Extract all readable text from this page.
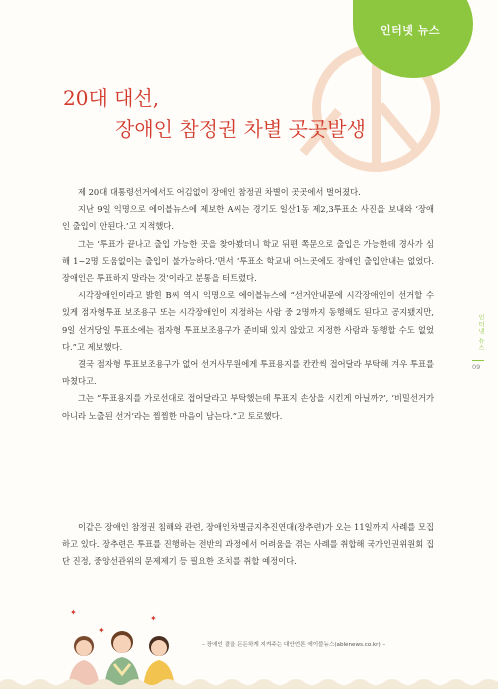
인터넷 뉴스
20대 대선,
장애인 참정권 차별 곳곳발생

제 20대 대통령선거에서도 어김없이 장애인 참정권 차별이 곳곳에서 벌어졌다.

지난 9일 익명으로 에이블뉴스에 제보한 A씨는 경기도 일산1동 제2,3투표소 사진을 보내와 ‘장애인 출입이 안된다.’고 지적했다.

그는 ‘투표가 끝나고 출입 가능한 곳을 찾아봤더니 학교 뒤편 쪽문으로 출입은 가능한데 경사가 심해 1~2명 도움없이는 출입이 불가능하다.’면서 ‘투표소 학교내 어느곳에도 장애인 출입안내는 없었다. 장애인은 투표하지 말라는 것’이라고 분통을 터트렸다.

시각장애인이라고 밝힌 B씨 역시 익명으로 에이블뉴스에 “선거안내문에 시각장애인이 선거할 수 있게 점자형투표 보조용구 또는 시각장애인이 지정하는 사람 중 2명까지 동행해도 된다고 공지됐지만, 9일 선거당일 투표소에는 점자형 투표보조용구가 준비돼 있지 않았고 지정한 사람과 동행할 수도 없었다.”고 제보했다.

결국 점자형 투표보조용구가 없어 선거사무원에게 투표용지를 칸칸씩 접어달라 부탁해 겨우 투표를 마쳤다고.

그는 “투표용지를 가로선대로 접어달라고 부탁했는데 투표지 손상을 시킨게 아닐까?’, ‘비밀선거가 아니라 노출된 선거’라는 찜찜한 마음이 남는다.”고 토로했다.

이같은 장애인 참정권 침해와 관련, 장애인차별금지추진연대(장추련)가 오는 11일까지 사례를 모집하고 있다. 장추련은 투표를 진행하는 전반의 과정에서 어려움을 겪는 사례를 취합해 국가인권위원회 집단 진정, 중앙선관위의 문제제기 등 필요한 조치를 취할 예정이다.

인터넷 뉴스
09
✦
✦
✦
– 장애인 곁을 든든하게 지켜주는 대안언론 에이블뉴스(ablenews.co.kr) –
